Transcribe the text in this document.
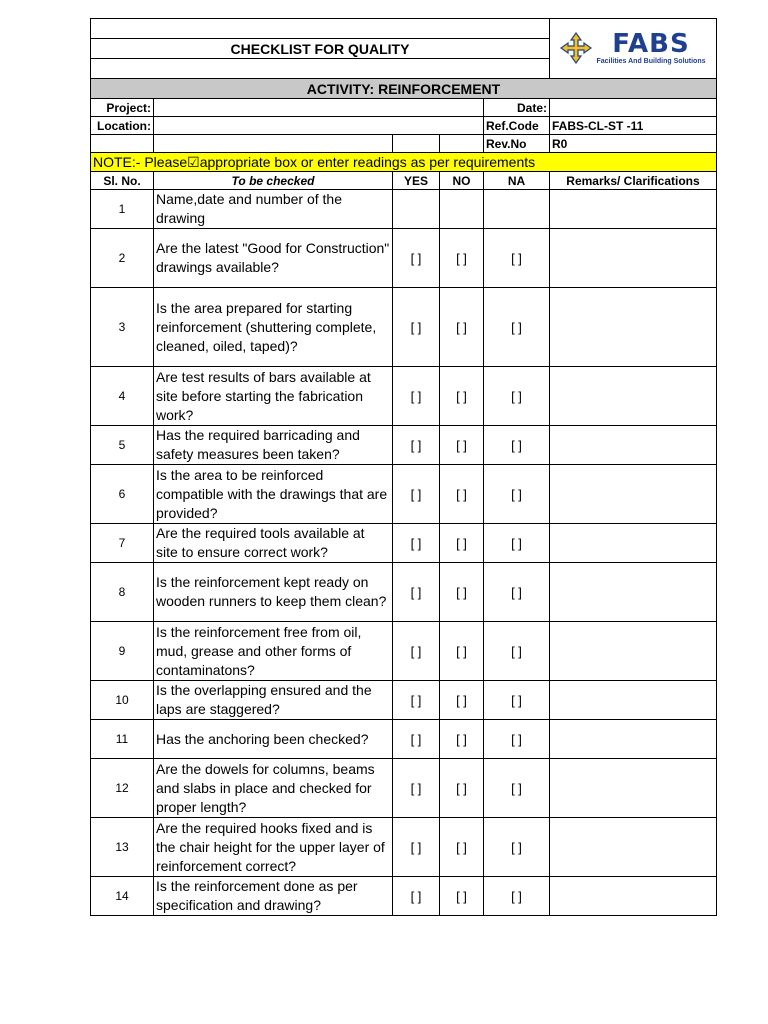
					FABS
Facilities And Building Solutions

CHECKLIST FOR QUALITY					

ACTIVITY: REINFORCEMENT					
Project:				Date:	
Location:				Ref.Code	FABS-CL-ST -11
				Rev.No	R0
NOTE:- Please☑appropriate box or enter readings as per requirements					
Sl. No.	To be checked	YES	NO	NA	Remarks/ Clarifications
1	Name,date and number of the drawing				
2	Are the latest "Good for Construction" drawings available?	[ ]	[ ]	[ ]	
3	Is the area prepared for starting reinforcement (shuttering complete, cleaned, oiled, taped)?	[ ]	[ ]	[ ]	
4	Are test results of bars available at site before starting the fabrication work?	[ ]	[ ]	[ ]	
5	Has the required barricading and safety measures been taken?	[ ]	[ ]	[ ]	
6	Is the area to be reinforced compatible with the drawings that are provided?	[ ]	[ ]	[ ]	
7	Are the required tools available at site to ensure correct work?	[ ]	[ ]	[ ]	
8	Is the reinforcement kept ready on wooden runners to keep them clean?	[ ]	[ ]	[ ]	
9	Is the reinforcement free from oil, mud, grease and other forms of contaminatons?	[ ]	[ ]	[ ]	
10	Is the overlapping ensured and the laps are staggered?	[ ]	[ ]	[ ]	
11	Has the anchoring been checked?	[ ]	[ ]	[ ]	
12	Are the dowels for columns, beams and slabs in place and checked for proper length?	[ ]	[ ]	[ ]	
13	Are the required hooks fixed and is the chair height for the upper layer of reinforcement correct?	[ ]	[ ]	[ ]	
14	Is the reinforcement done as per specification and drawing?	[ ]	[ ]	[ ]	
